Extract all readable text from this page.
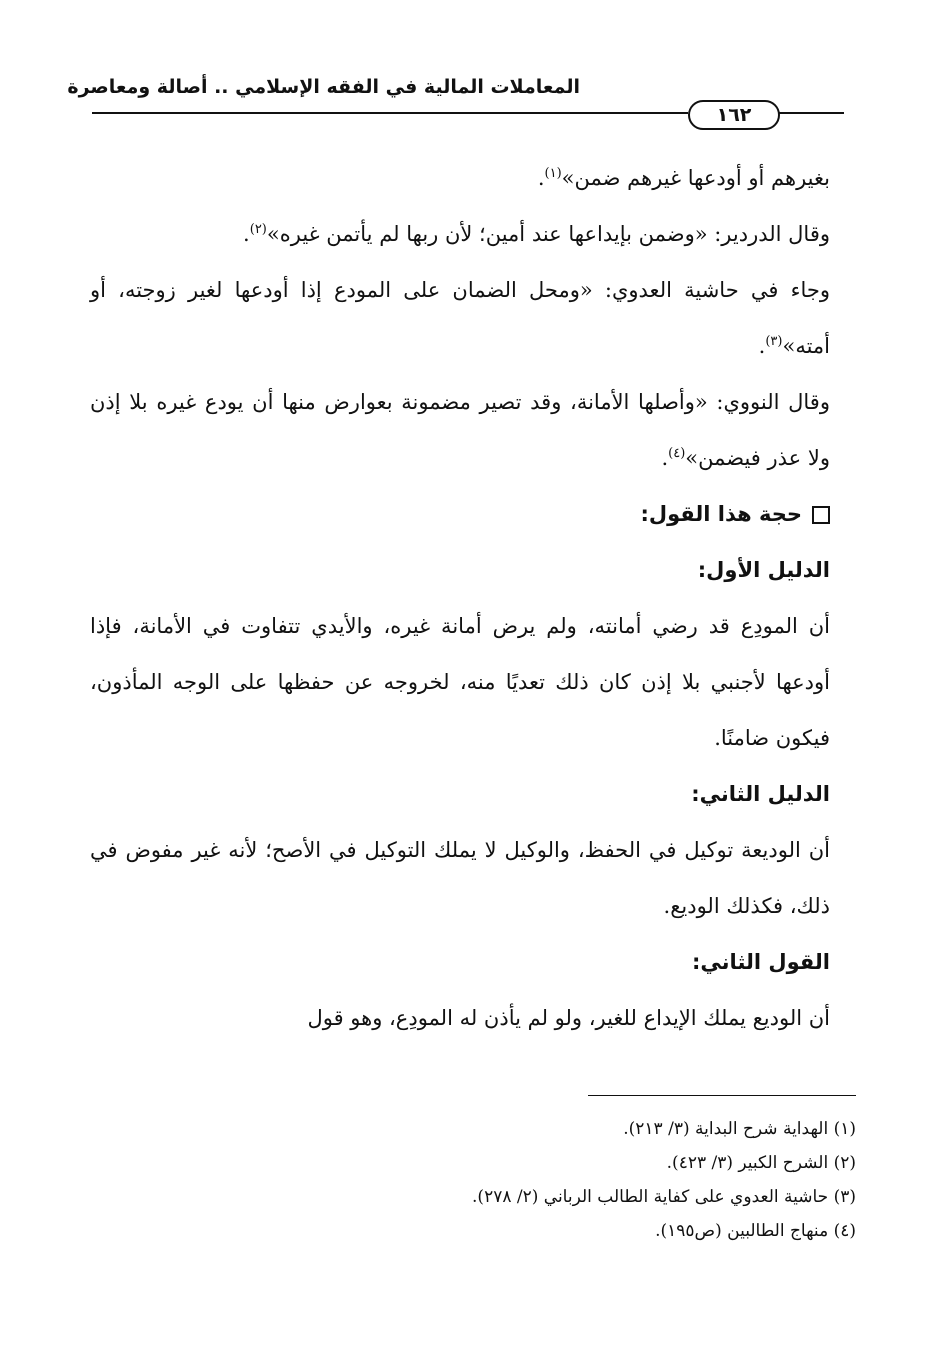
المعاملات المالية في الفقه الإسلامي .. أصالة ومعاصرة
١٦٢

بغيرهم أو أودعها غيرهم ضمن»$^{(١)}$.

وقال الدردير: «وضمن بإيداعها عند أمين؛ لأن ربها لم يأتمن غيره»$^{(٢)}$.

وجاء في حاشية العدوي: «ومحل الضمان على المودع إذا أودعها لغير زوجته، أو أمته»$^{(٣)}$.

وقال النووي: «وأصلها الأمانة، وقد تصير مضمونة بعوارض منها أن يودع غيره بلا إذن ولا عذر فيضمن»$^{(٤)}$.

حجة هذا القول:

الدليل الأول:

أن المودِع قد رضي أمانته، ولم يرض أمانة غيره، والأيدي تتفاوت في الأمانة، فإذا أودعها لأجنبي بلا إذن كان ذلك تعديًا منه، لخروجه عن حفظها على الوجه المأذون، فيكون ضامنًا.

الدليل الثاني:

أن الوديعة توكيل في الحفظ، والوكيل لا يملك التوكيل في الأصح؛ لأنه غير مفوض في ذلك، فكذلك الوديع.

القول الثاني:

أن الوديع يملك الإيداع للغير، ولو لم يأذن له المودِع، وهو قول

(١) الهداية شرح البداية (٣/ ٢١٣).
(٢) الشرح الكبير (٣/ ٤٢٣).
(٣) حاشية العدوي على كفاية الطالب الرباني (٢/ ٢٧٨).
(٤) منهاج الطالبين (ص١٩٥).
